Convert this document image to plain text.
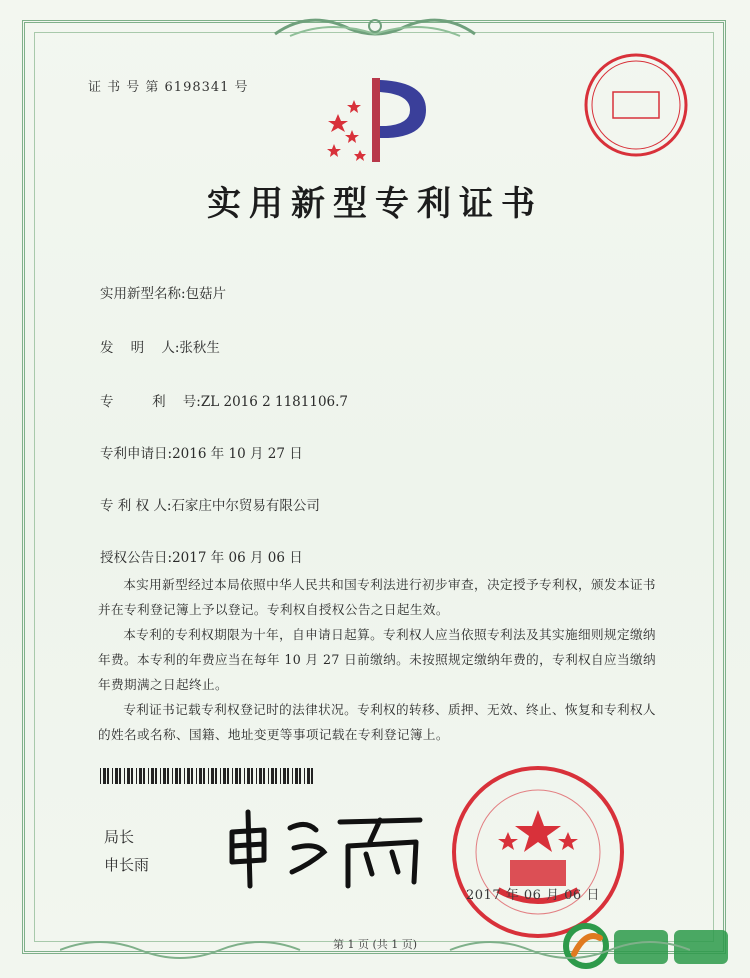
证 书 号 第 6198341 号
实用新型专利证书
实用新型名称:包菇片
发    明    人:张秋生
专         利    号:ZL 2016 2 1181106.7
专利申请日:2016 年 10 月 27 日
专 利 权 人:石家庄中尔贸易有限公司
授权公告日:2017 年 06 月 06 日

本实用新型经过本局依照中华人民共和国专利法进行初步审查，决定授予专利权，颁发本证书并在专利登记簿上予以登记。专利权自授权公告之日起生效。

本专利的专利权期限为十年，自申请日起算。专利权人应当依照专利法及其实施细则规定缴纳年费。本专利的年费应当在每年 10 月 27 日前缴纳。未按照规定缴纳年费的，专利权自应当缴纳年费期满之日起终止。

专利证书记载专利权登记时的法律状况。专利权的转移、质押、无效、终止、恢复和专利权人的姓名或名称、国籍、地址变更等事项记载在专利登记簿上。

局长
申长雨
2017 年 06 月 06 日
第 1 页 (共 1 页)
